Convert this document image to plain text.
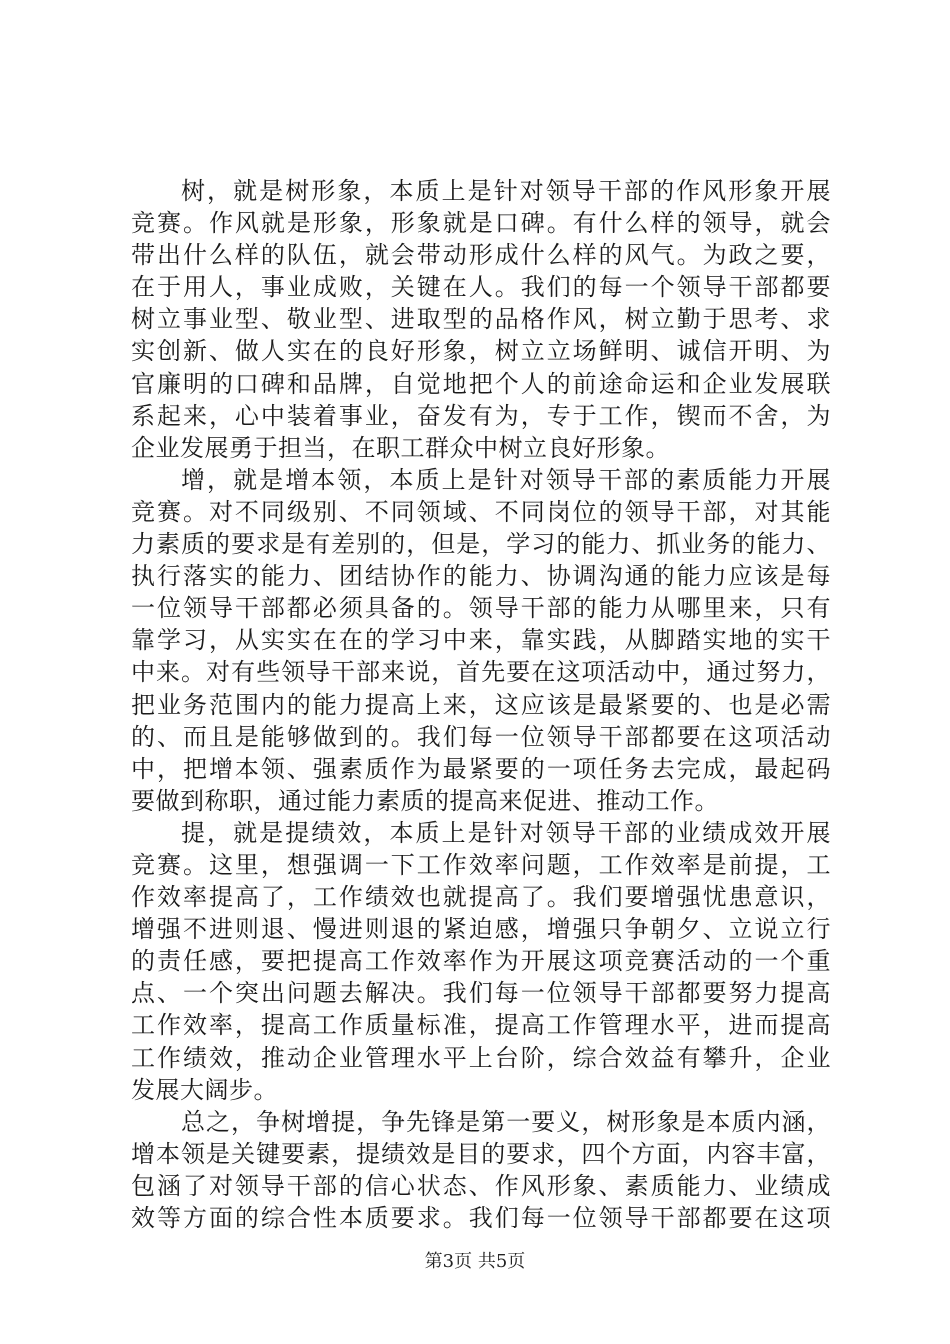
树，就是树形象，本质上是针对领导干部的作风形象开展
竞赛。作风就是形象，形象就是口碑。有什么样的领导，就会
带出什么样的队伍，就会带动形成什么样的风气。为政之要，
在于用人，事业成败，关键在人。我们的每一个领导干部都要
树立事业型、敬业型、进取型的品格作风，树立勤于思考、求
实创新、做人实在的良好形象，树立立场鲜明、诚信开明、为
官廉明的口碑和品牌，自觉地把个人的前途命运和企业发展联
系起来，心中装着事业，奋发有为，专于工作，锲而不舍，为
企业发展勇于担当，在职工群众中树立良好形象。
增，就是增本领，本质上是针对领导干部的素质能力开展
竞赛。对不同级别、不同领域、不同岗位的领导干部，对其能
力素质的要求是有差别的，但是，学习的能力、抓业务的能力、
执行落实的能力、团结协作的能力、协调沟通的能力应该是每
一位领导干部都必须具备的。领导干部的能力从哪里来，只有
靠学习，从实实在在的学习中来，靠实践，从脚踏实地的实干
中来。对有些领导干部来说，首先要在这项活动中，通过努力，
把业务范围内的能力提高上来，这应该是最紧要的、也是必需
的、而且是能够做到的。我们每一位领导干部都要在这项活动
中，把增本领、强素质作为最紧要的一项任务去完成，最起码
要做到称职，通过能力素质的提高来促进、推动工作。
提，就是提绩效，本质上是针对领导干部的业绩成效开展
竞赛。这里，想强调一下工作效率问题，工作效率是前提，工
作效率提高了，工作绩效也就提高了。我们要增强忧患意识，
增强不进则退、慢进则退的紧迫感，增强只争朝夕、立说立行
的责任感，要把提高工作效率作为开展这项竞赛活动的一个重
点、一个突出问题去解决。我们每一位领导干部都要努力提高
工作效率，提高工作质量标准，提高工作管理水平，进而提高
工作绩效，推动企业管理水平上台阶，综合效益有攀升，企业
发展大阔步。
总之，争树增提，争先锋是第一要义，树形象是本质内涵，
增本领是关键要素，提绩效是目的要求，四个方面，内容丰富，
包涵了对领导干部的信心状态、作风形象、素质能力、业绩成
效等方面的综合性本质要求。我们每一位领导干部都要在这项
第3页 共5页
